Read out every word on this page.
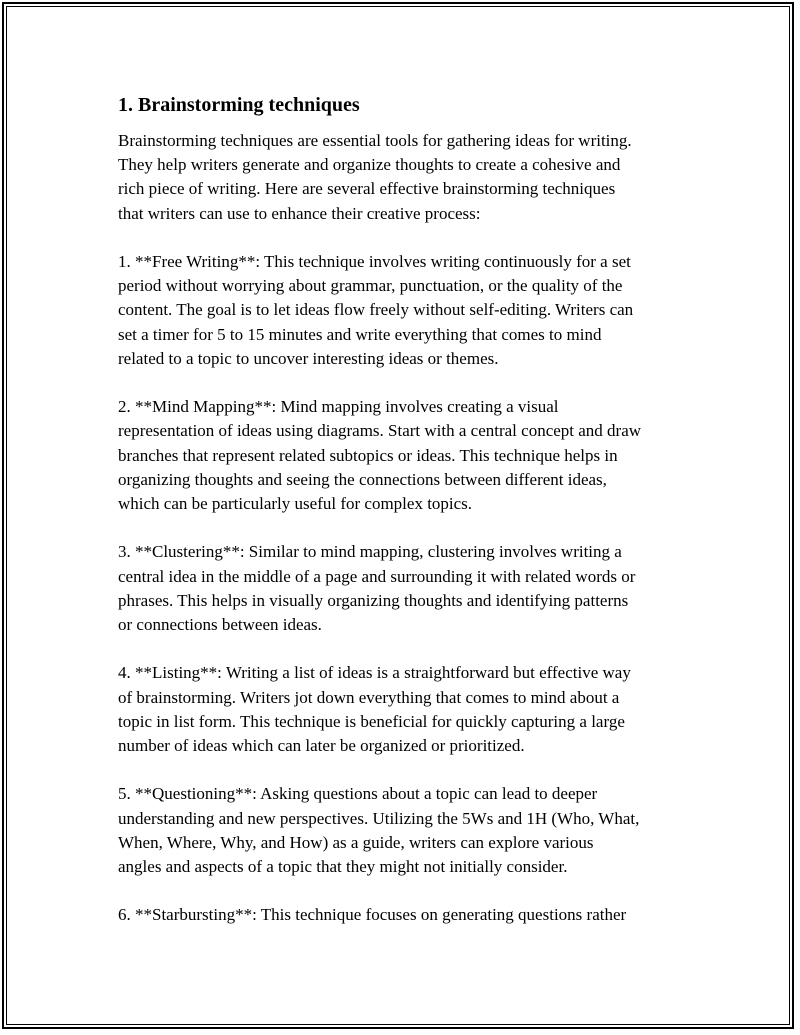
1. Brainstorming techniques

Brainstorming techniques are essential tools for gathering ideas for writing.
They help writers generate and organize thoughts to create a cohesive and
rich piece of writing. Here are several effective brainstorming techniques
that writers can use to enhance their creative process:

1. **Free Writing**: This technique involves writing continuously for a set
period without worrying about grammar, punctuation, or the quality of the
content. The goal is to let ideas flow freely without self-editing. Writers can
set a timer for 5 to 15 minutes and write everything that comes to mind
related to a topic to uncover interesting ideas or themes.

2. **Mind Mapping**: Mind mapping involves creating a visual
representation of ideas using diagrams. Start with a central concept and draw
branches that represent related subtopics or ideas. This technique helps in
organizing thoughts and seeing the connections between different ideas,
which can be particularly useful for complex topics.

3. **Clustering**: Similar to mind mapping, clustering involves writing a
central idea in the middle of a page and surrounding it with related words or
phrases. This helps in visually organizing thoughts and identifying patterns
or connections between ideas.

4. **Listing**: Writing a list of ideas is a straightforward but effective way
of brainstorming. Writers jot down everything that comes to mind about a
topic in list form. This technique is beneficial for quickly capturing a large
number of ideas which can later be organized or prioritized.

5. **Questioning**: Asking questions about a topic can lead to deeper
understanding and new perspectives. Utilizing the 5Ws and 1H (Who, What,
When, Where, Why, and How) as a guide, writers can explore various
angles and aspects of a topic that they might not initially consider.

6. **Starbursting**: This technique focuses on generating questions rather
